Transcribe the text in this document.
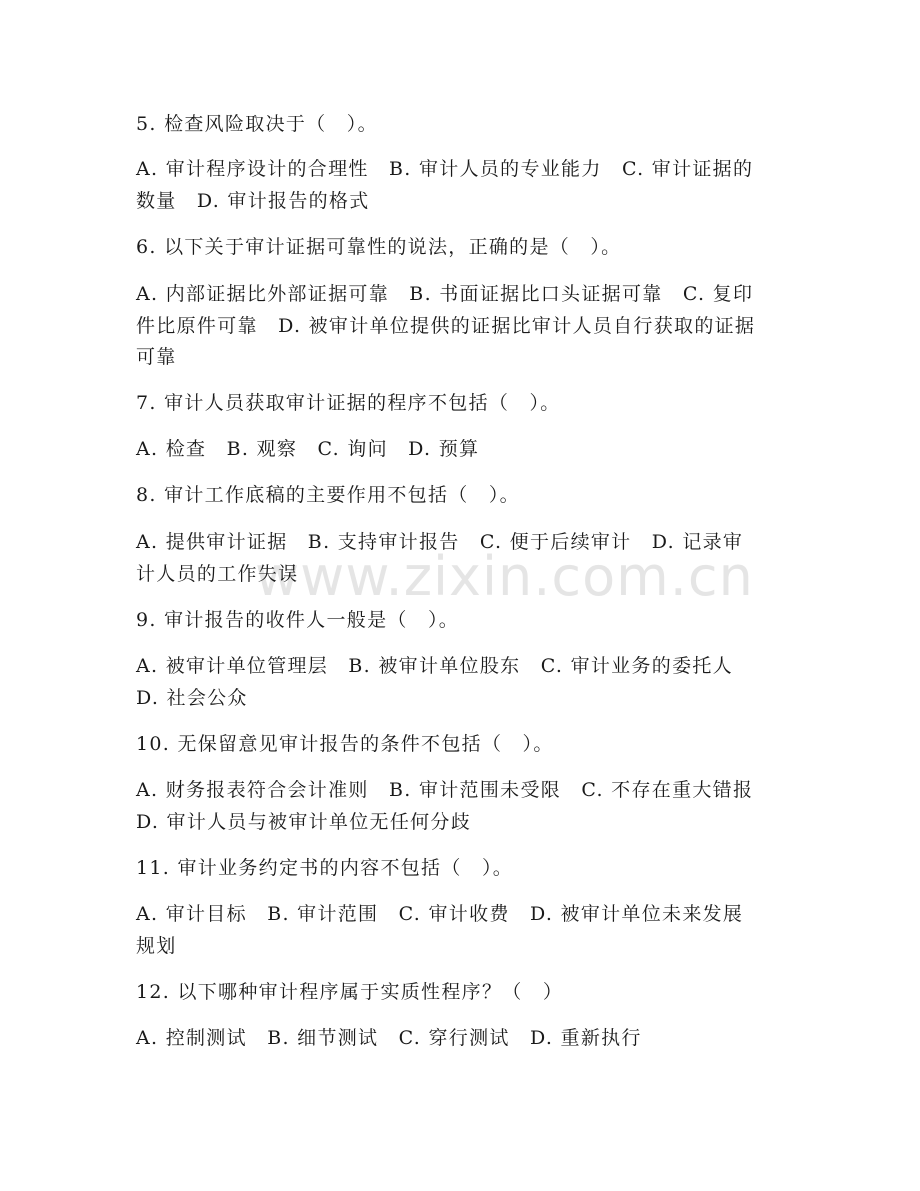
www.zixin.com.cn
5. 检查风险取决于（　）。
A. 审计程序设计的合理性　B. 审计人员的专业能力　C. 审计证据的
数量　D. 审计报告的格式
6. 以下关于审计证据可靠性的说法，正确的是（　）。
A. 内部证据比外部证据可靠　B. 书面证据比口头证据可靠　C. 复印
件比原件可靠　D. 被审计单位提供的证据比审计人员自行获取的证据
可靠
7. 审计人员获取审计证据的程序不包括（　）。
A. 检查　B. 观察　C. 询问　D. 预算
8. 审计工作底稿的主要作用不包括（　）。
A. 提供审计证据　B. 支持审计报告　C. 便于后续审计　D. 记录审
计人员的工作失误
9. 审计报告的收件人一般是（　）。
A. 被审计单位管理层　B. 被审计单位股东　C. 审计业务的委托人
D. 社会公众
10. 无保留意见审计报告的条件不包括（　）。
A. 财务报表符合会计准则　B. 审计范围未受限　C. 不存在重大错报
D. 审计人员与被审计单位无任何分歧
11. 审计业务约定书的内容不包括（　）。
A. 审计目标　B. 审计范围　C. 审计收费　D. 被审计单位未来发展
规划
12. 以下哪种审计程序属于实质性程序？（　）
A. 控制测试　B. 细节测试　C. 穿行测试　D. 重新执行
